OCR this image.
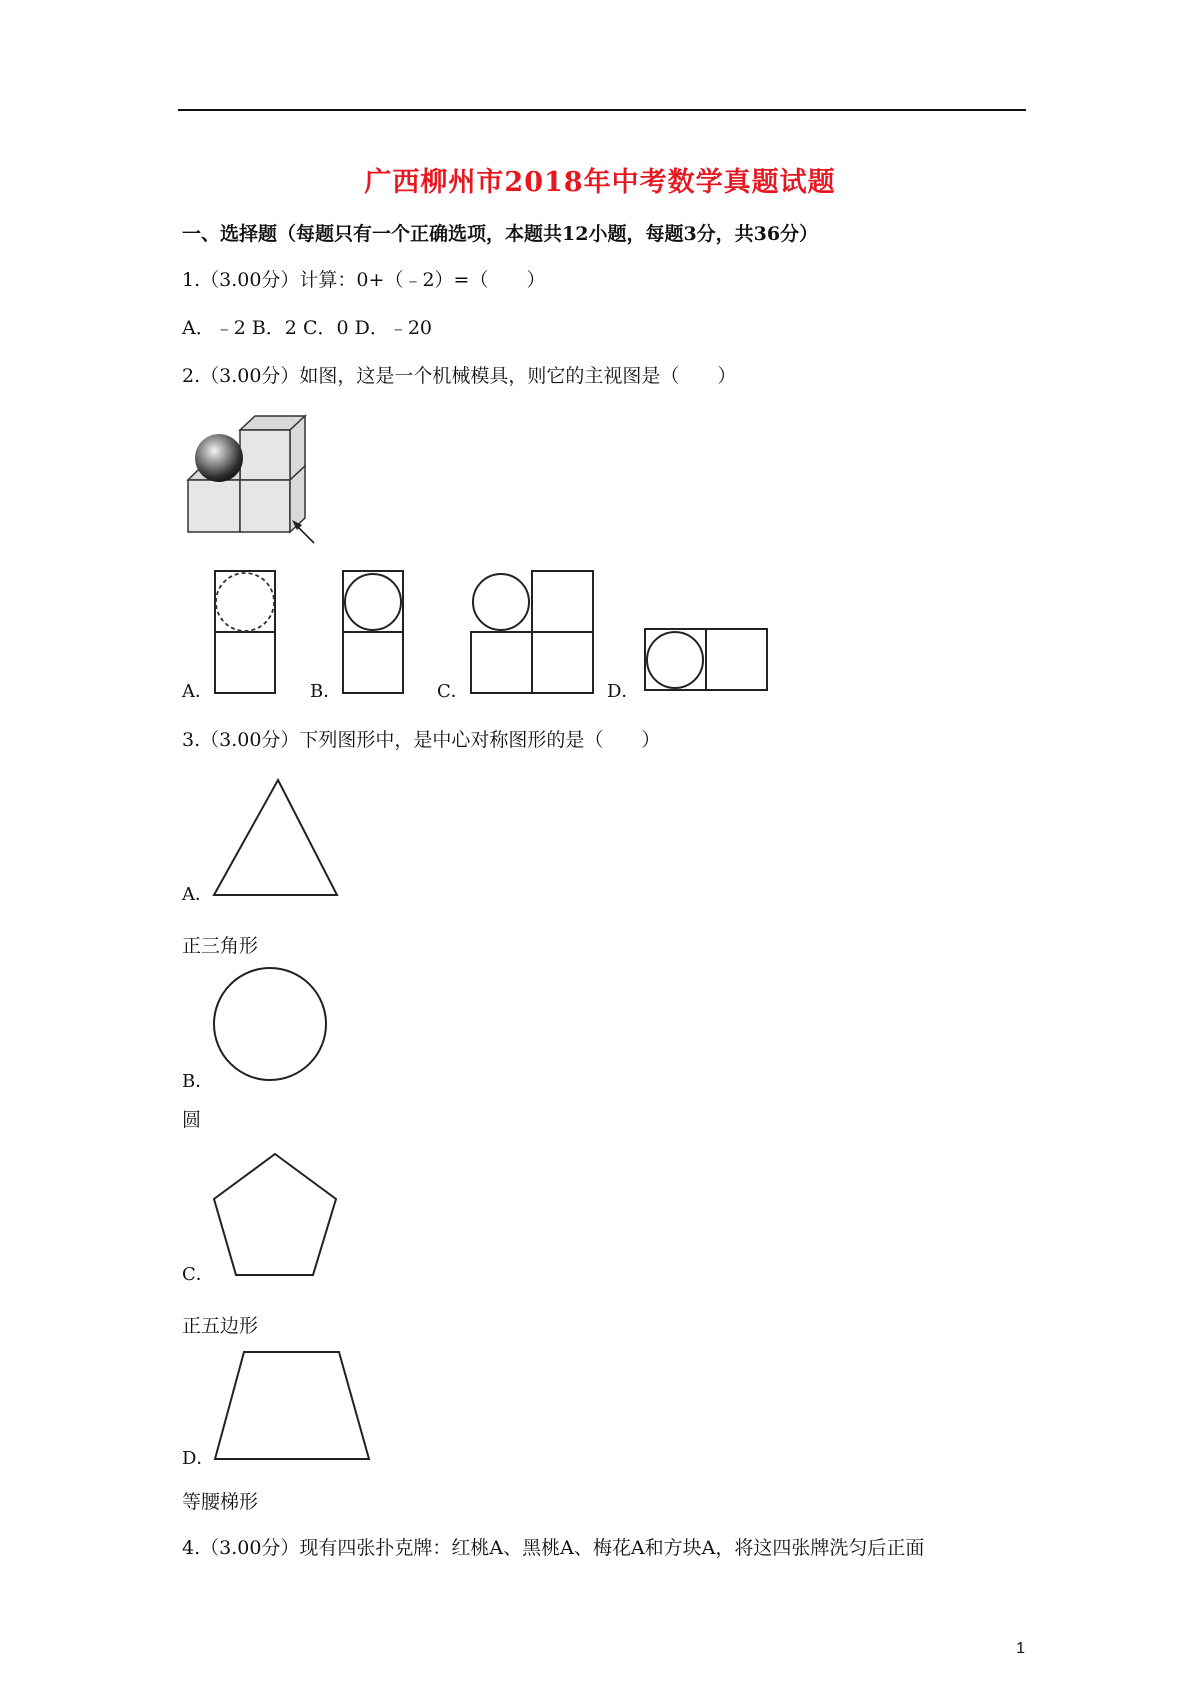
广西柳州市2018年中考数学真题试题
一、选择题（每题只有一个正确选项，本题共12小题，每题3分，共36分）
1.（3.00分）计算：0+（﹣2）=（　　）
A．﹣2 B．2 C．0 D．﹣20
2.（3.00分）如图，这是一个机械模具，则它的主视图是（　　）
A．	B．	C．	D．
3.（3.00分）下列图形中，是中心对称图形的是（　　）
A．
正三角形
B．
圆
C．
正五边形
D．
等腰梯形
4.（3.00分）现有四张扑克牌：红桃A、黑桃A、梅花A和方块A，将这四张牌洗匀后正面
1
